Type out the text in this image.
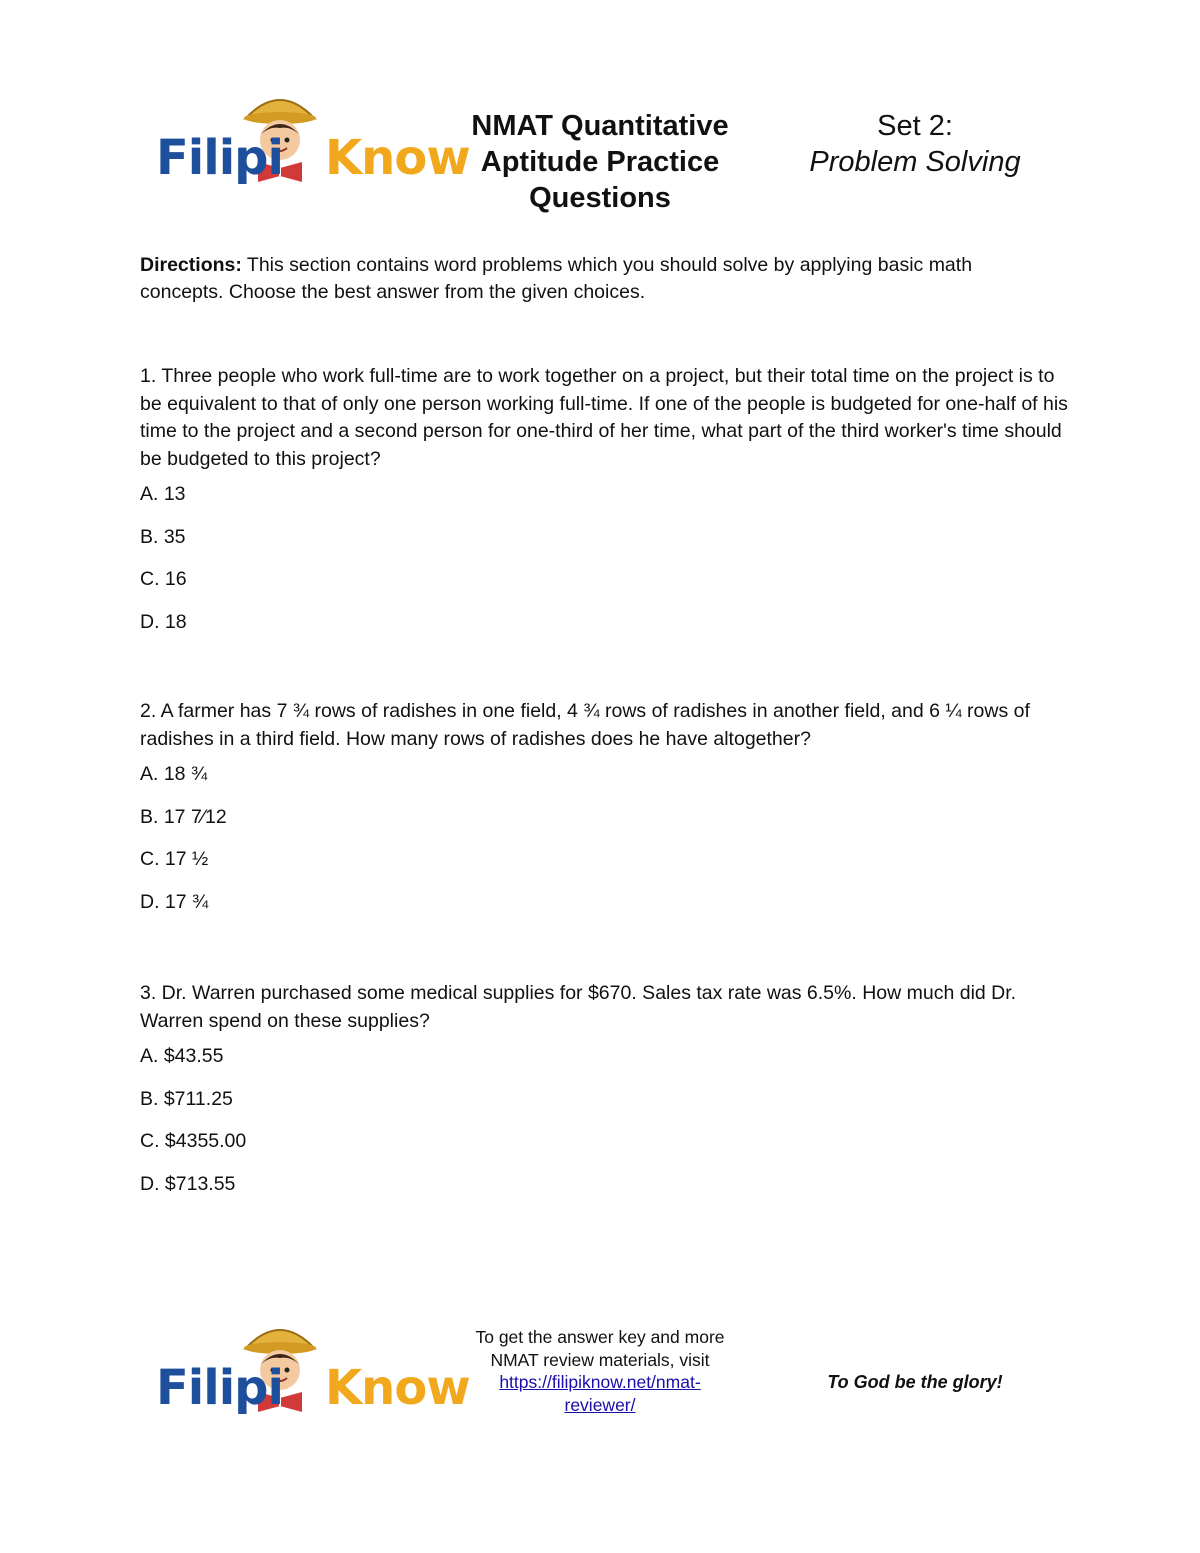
Filipi Know
NMAT Quantitative
Aptitude Practice
Questions
Set 2:
Problem Solving
Directions: This section contains word problems which you should solve by applying basic math concepts. Choose the best answer from the given choices.

1. Three people who work full-time are to work together on a project, but their total time on the project is to be equivalent to that of only one person working full-time. If one of the people is budgeted for one-half of his time to the project and a second person for one-third of her time, what part of the third worker's time should be budgeted to this project?

A. 13

B. 35

C. 16

D. 18

2. A farmer has 7 ¾ rows of radishes in one field, 4 ¾ rows of radishes in another field, and 6 ¼ rows of radishes in a third field. How many rows of radishes does he have altogether?

A. 18 ¾

B. 17 7⁄12

C. 17 ½

D. 17 ¾

3. Dr. Warren purchased some medical supplies for $670. Sales tax rate was 6.5%. How much did Dr. Warren spend on these supplies?

A. $43.55

B. $711.25

C. $4355.00

D. $713.55

Filipi Know
To get the answer key and more
NMAT review materials, visit
https://filipiknow.net/nmat-
reviewer/
To God be the glory!
